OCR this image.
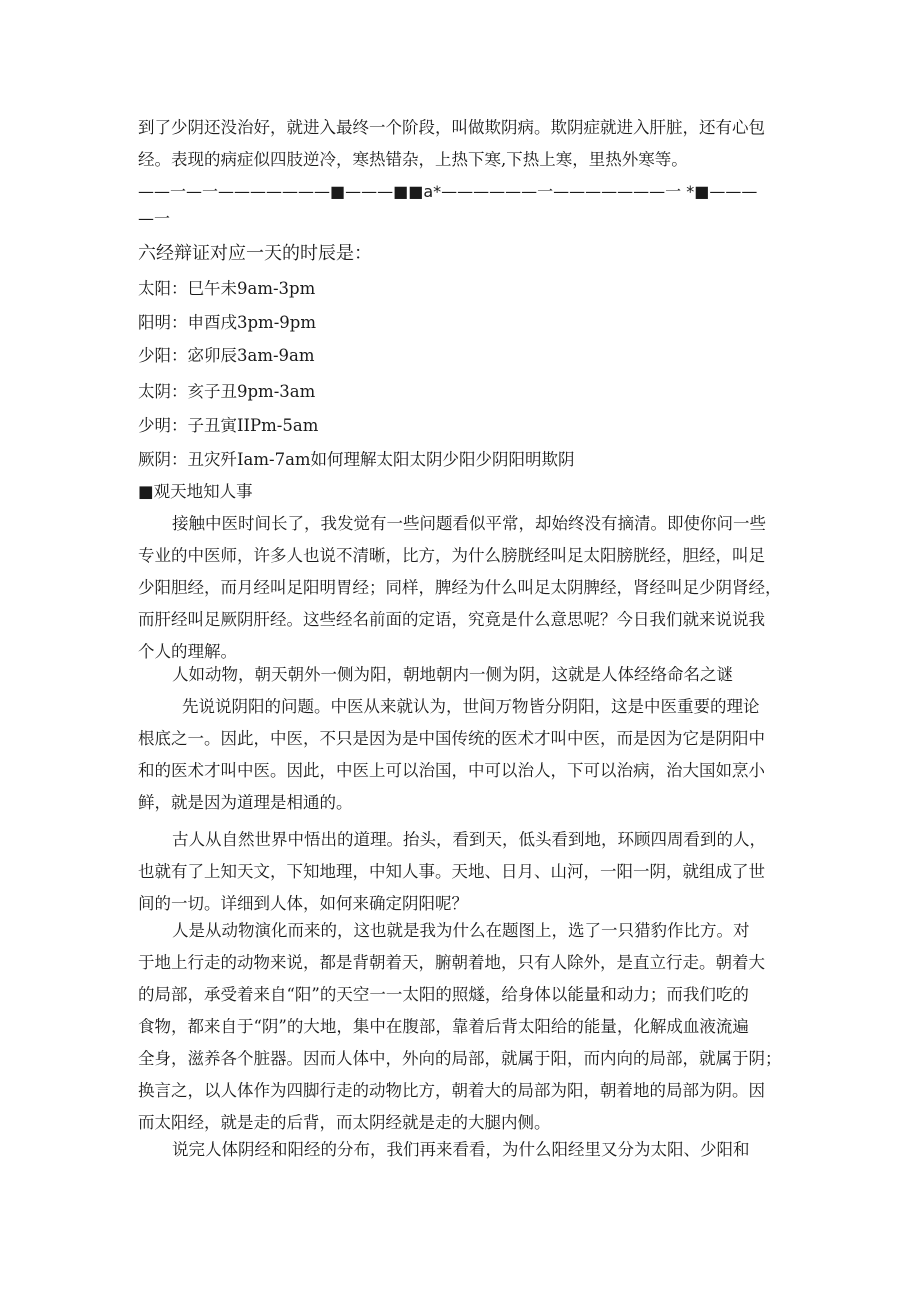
到了少阴还没治好，就进入最终一个阶段，叫做欺阴病。欺阴症就进入肝脏，还有心包
经。表现的病症似四肢逆冷，寒热错杂，上热下寒,下热上寒，里热外寒等。
——一—一———————■———■■a*——————一———————一 *■———
—一
六经辩证对应一天的时辰是：
太阳：巳午未9am-3pm
阳明：申酉戌3pm-9pm
少阳：宓卯辰3am-9am
太阴：亥子丑9pm-3am
少明：子丑寅IIPm-5am
厥阴：丑灾歼Iam-7am如何理解太阳太阴少阳少阴阳明欺阴
■观天地知人事
接触中医时间长了，我发觉有一些问题看似平常，却始终没有摘清。即使你问一些
专业的中医师，许多人也说不清晰，比方，为什么膀胱经叫足太阳膀胱经，胆经，叫足
少阳胆经，而月经叫足阳明胃经；同样，脾经为什么叫足太阴脾经，肾经叫足少阴肾经，
而肝经叫足厥阴肝经。这些经名前面的定语，究竟是什么意思呢？今日我们就来说说我
个人的理解。
人如动物，朝天朝外一侧为阳，朝地朝内一侧为阴，这就是人体经络命名之谜
先说说阴阳的问题。中医从来就认为，世间万物皆分阴阳，这是中医重要的理论
根底之一。因此，中医，不只是因为是中国传统的医术才叫中医，而是因为它是阴阳中
和的医术才叫中医。因此，中医上可以治国，中可以治人，下可以治病，治大国如烹小
鲜，就是因为道理是相通的。
古人从自然世界中悟出的道理。抬头，看到天，低头看到地，环顾四周看到的人，
也就有了上知天文，下知地理，中知人事。天地、日月、山河，一阳一阴，就组成了世
间的一切。详细到人体，如何来确定阴阳呢？
人是从动物演化而来的，这也就是我为什么在题图上，选了一只猎豹作比方。对
于地上行走的动物来说，都是背朝着天，腑朝着地，只有人除外，是直立行走。朝着大
的局部，承受着来自“阳”的天空一一太阳的照燧，给身体以能量和动力；而我们吃的
食物，都来自于“阴”的大地，集中在腹部，靠着后背太阳给的能量，化解成血液流遍
全身，滋养各个脏器。因而人体中，外向的局部，就属于阳，而内向的局部，就属于阴；
换言之，以人体作为四脚行走的动物比方，朝着大的局部为阳，朝着地的局部为阴。因
而太阳经，就是走的后背，而太阴经就是走的大腿内侧。
说完人体阴经和阳经的分布，我们再来看看，为什么阳经里又分为太阳、少阳和
